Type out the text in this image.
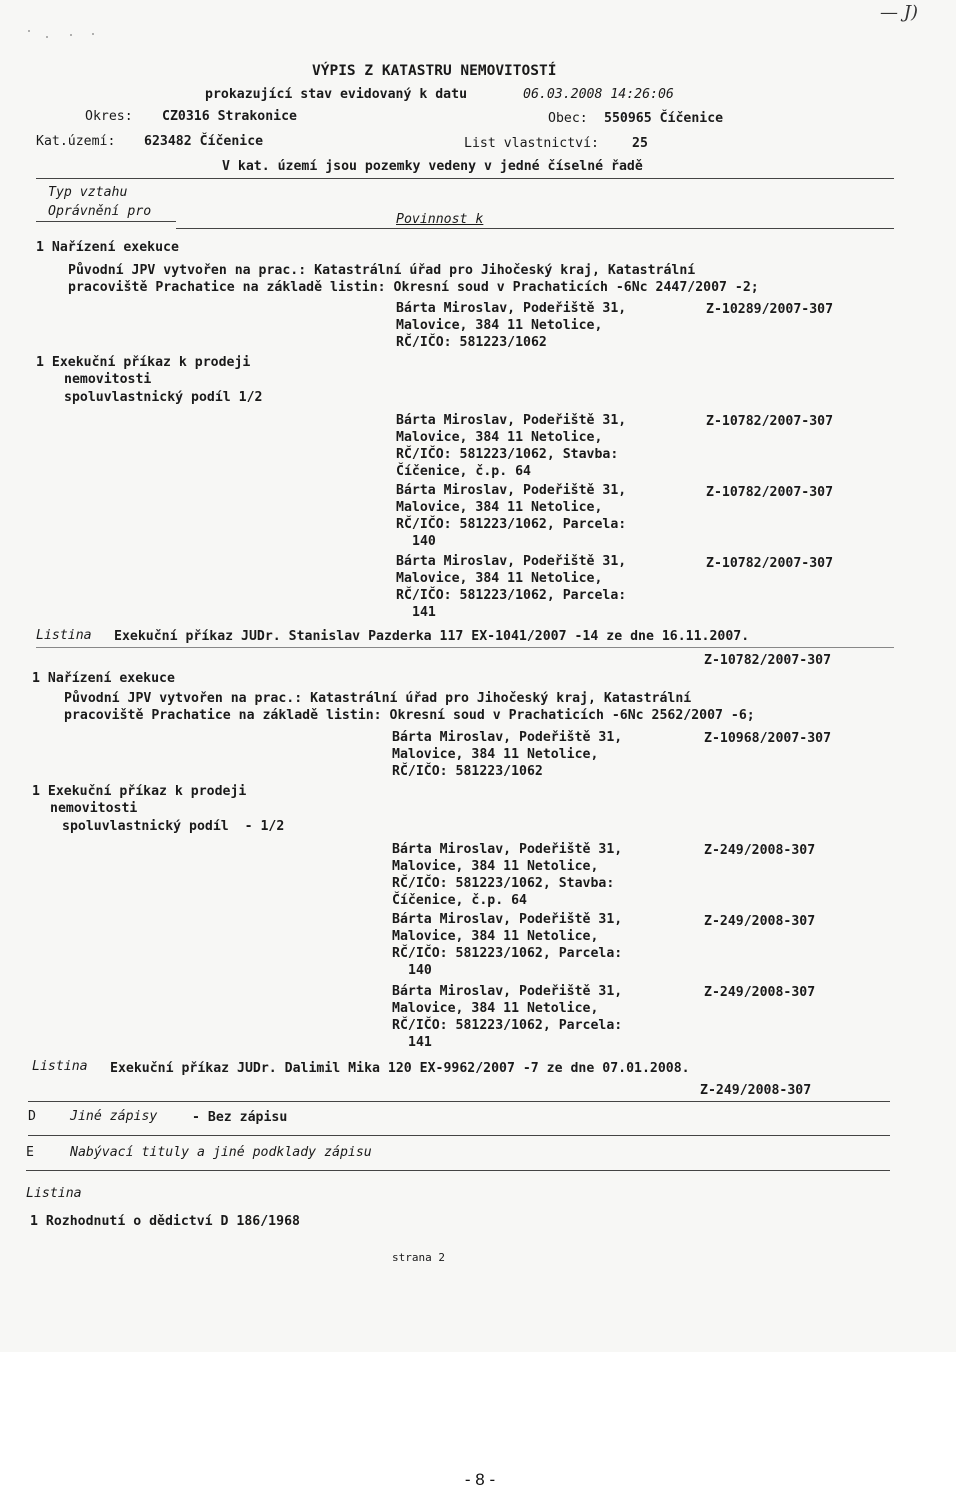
— J)
VÝPIS Z KATASTRU NEMOVITOSTÍ
prokazující stav evidovaný k datu	06.03.2008 14:26:06
Okres: CZ0316 Strakonice	Obec: 550965 Číčenice
Kat.území: 623482 Číčenice	List vlastnictví:	25
V kat. území jsou pozemky vedeny v jedné číselné řadě
Typ vztahu
Oprávnění pro
Povinnost k
1 Nařízení exekuce
Původní JPV vytvořen na prac.: Katastrální úřad pro Jihočeský kraj, Katastrální
pracoviště Prachatice na základě listin: Okresní soud v Prachaticích -6Nc 2447/2007 -2;
Bárta Miroslav, Podeřiště 31,
Malovice, 384 11 Netolice,
RČ/IČO: 581223/1062
Z-10289/2007-307
1 Exekuční příkaz k prodeji
nemovitosti
spoluvlastnický podíl 1/2
Bárta Miroslav, Podeřiště 31,
Malovice, 384 11 Netolice,
RČ/IČO: 581223/1062, Stavba:
Číčenice, č.p. 64
Z-10782/2007-307
Bárta Miroslav, Podeřiště 31,
Malovice, 384 11 Netolice,
RČ/IČO: 581223/1062, Parcela:
140
Z-10782/2007-307
Bárta Miroslav, Podeřiště 31,
Malovice, 384 11 Netolice,
RČ/IČO: 581223/1062, Parcela:
141
Z-10782/2007-307
Listina Exekuční příkaz JUDr. Stanislav Pazderka 117 EX-1041/2007 -14 ze dne 16.11.2007.
Z-10782/2007-307
1 Nařízení exekuce
Původní JPV vytvořen na prac.: Katastrální úřad pro Jihočeský kraj, Katastrální
pracoviště Prachatice na základě listin: Okresní soud v Prachaticích -6Nc 2562/2007 -6;
Bárta Miroslav, Podeřiště 31,
Malovice, 384 11 Netolice,
RČ/IČO: 581223/1062
Z-10968/2007-307
1 Exekuční příkaz k prodeji
nemovitosti
spoluvlastnický podíl  - 1/2
Bárta Miroslav, Podeřiště 31,
Malovice, 384 11 Netolice,
RČ/IČO: 581223/1062, Stavba:
Číčenice, č.p. 64
Z-249/2008-307
Bárta Miroslav, Podeřiště 31,
Malovice, 384 11 Netolice,
RČ/IČO: 581223/1062, Parcela:
140
Z-249/2008-307
Bárta Miroslav, Podeřiště 31,
Malovice, 384 11 Netolice,
RČ/IČO: 581223/1062, Parcela:
141
Z-249/2008-307
Listina Exekuční příkaz JUDr. Dalimil Mika 120 EX-9962/2007 -7 ze dne 07.01.2008.
Z-249/2008-307
D	Jiné zápisy	- Bez zápisu
E	Nabývací tituly a jiné podklady zápisu
Listina
1 Rozhodnutí o dědictví D 186/1968
strana 2
- 8 -
